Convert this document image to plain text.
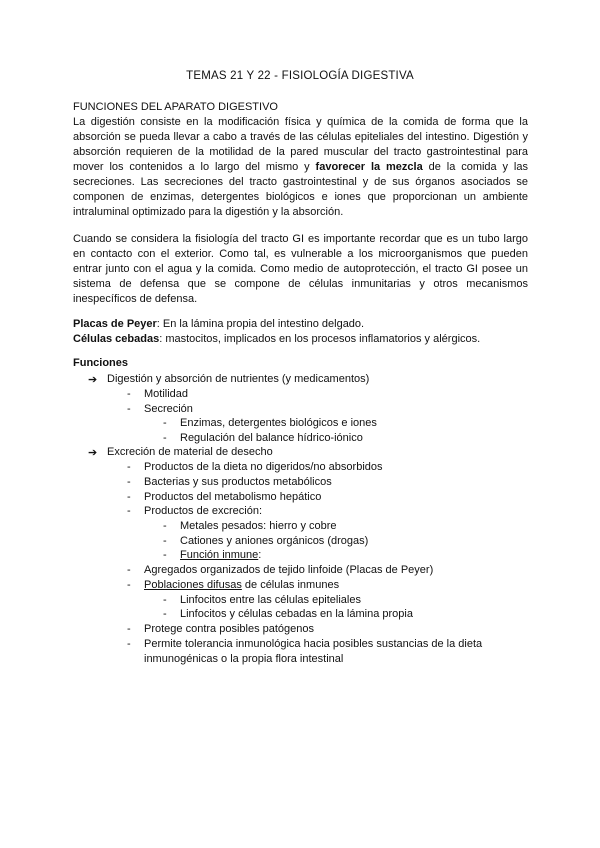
TEMAS 21 Y 22 - FISIOLOGÍA DIGESTIVA
FUNCIONES DEL APARATO DIGESTIVO

La digestión consiste en la modificación física y química de la comida de forma que la absorción se pueda llevar a cabo a través de las células epiteliales del intestino. Digestión y absorción requieren de la motilidad de la pared muscular del tracto gastrointestinal para mover los contenidos a lo largo del mismo y favorecer la mezcla de la comida y las secreciones. Las secreciones del tracto gastrointestinal y de sus órganos asociados se componen de enzimas, detergentes biológicos e iones que proporcionan un ambiente intraluminal optimizado para la digestión y la absorción.

Cuando se considera la fisiología del tracto GI es importante recordar que es un tubo largo en contacto con el exterior. Como tal, es vulnerable a los microorganismos que pueden entrar junto con el agua y la comida. Como medio de autoprotección, el tracto GI posee un sistema de defensa que se compone de células inmunitarias y otros mecanismos inespecíficos de defensa.

Placas de Peyer: En la lámina propia del intestino delgado.
Células cebadas: mastocitos, implicados en los procesos inflamatorios y alérgicos.
Funciones
➔ Digestión y absorción de nutrientes (y medicamentos)
- Motilidad
- Secreción
- Enzimas, detergentes biológicos e iones
- Regulación del balance hídrico-iónico
➔ Excreción de material de desecho
- Productos de la dieta no digeridos/no absorbidos
- Bacterias y sus productos metabólicos
- Productos del metabolismo hepático
- Productos de excreción:
- Metales pesados: hierro y cobre
- Cationes y aniones orgánicos (drogas)
- Función inmune:
- Agregados organizados de tejido linfoide (Placas de Peyer)
- Poblaciones difusas de células inmunes
- Linfocitos entre las células epiteliales
- Linfocitos y células cebadas en la lámina propia
- Protege contra posibles patógenos
- Permite tolerancia inmunológica hacia posibles sustancias de la dieta
inmunogénicas o la propia flora intestinal
